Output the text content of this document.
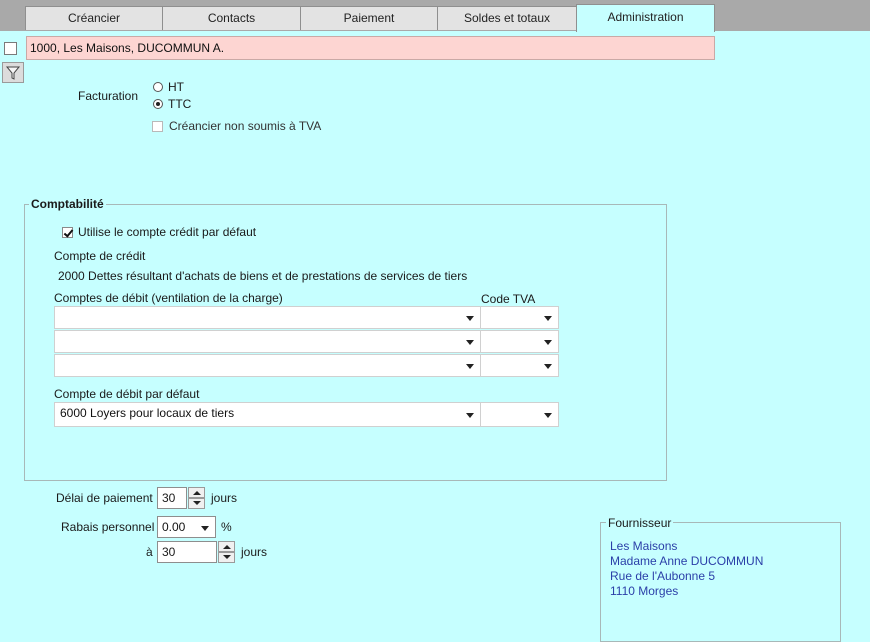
Créancier	Contacts	Paiement	Soldes et totaux	Administration
1000, Les Maisons, DUCOMMUN A.
Facturation
HT
TTC
Créancier non soumis à TVA
Comptabilité
Utilise le compte crédit par défaut
Compte de crédit
2000 Dettes résultant d'achats de biens et de prestations de services de tiers
Comptes de débit (ventilation de la charge)	Code TVA
Compte de débit par défaut
6000 Loyers pour locaux de tiers
Délai de paiement 30	jours
Rabais personnel 0.00	%
à 30	jours
Fournisseur
Les Maisons
Madame Anne DUCOMMUN
Rue de l'Aubonne 5
1110 Morges
